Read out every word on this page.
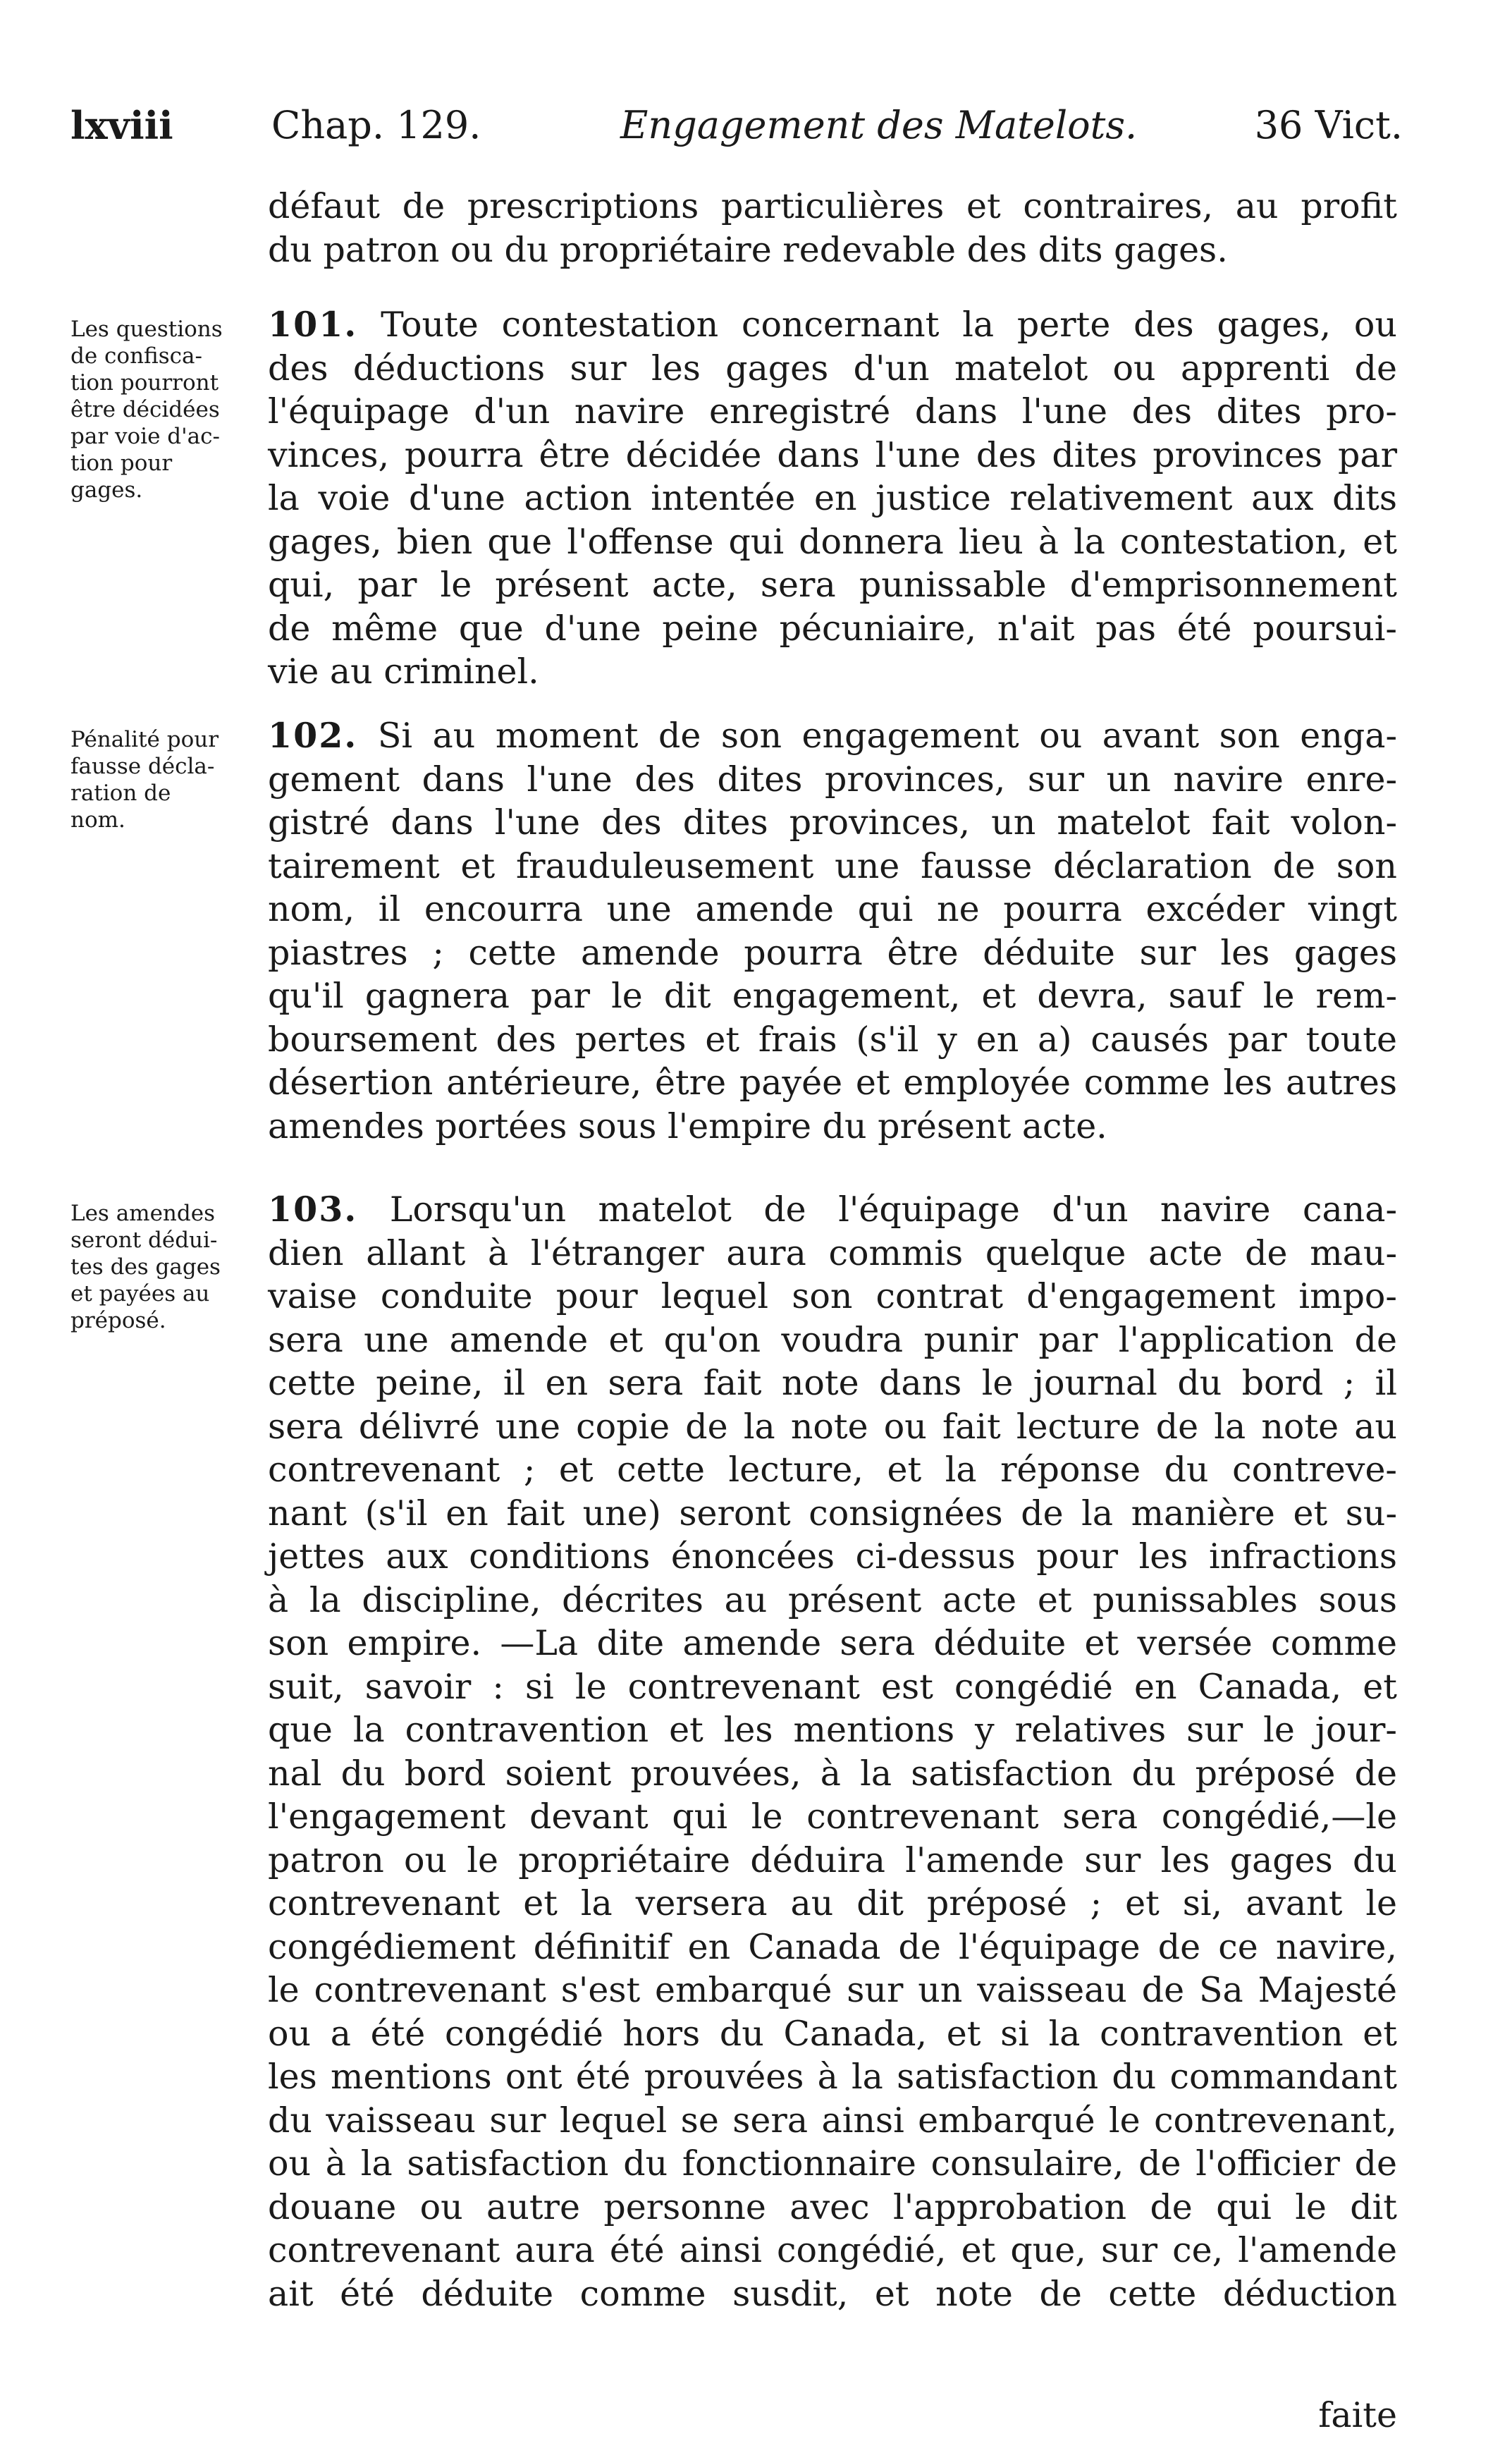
lxviii	Chap. 129.	Engagement des Matelots.	36 Vict.
défaut de prescriptions particulières et contraires, au profit
du patron ou du propriétaire redevable des dits gages.
Les questions
de confisca-
tion pourront
être décidées
par voie d'ac-
tion pour
gages.
101. Toute contestation concernant la perte des gages, ou
des déductions sur les gages d'un matelot ou apprenti de
l'équipage d'un navire enregistré dans l'une des dites pro-
vinces, pourra être décidée dans l'une des dites provinces par
la voie d'une action intentée en justice relativement aux dits
gages, bien que l'offense qui donnera lieu à la contestation, et
qui, par le présent acte, sera punissable d'emprisonnement
de même que d'une peine pécuniaire, n'ait pas été poursui-
vie au criminel.
Pénalité pour
fausse décla-
ration de
nom.
102. Si au moment de son engagement ou avant son enga-
gement dans l'une des dites provinces, sur un navire enre-
gistré dans l'une des dites provinces, un matelot fait volon-
tairement et frauduleusement une fausse déclaration de son
nom, il encourra une amende qui ne pourra excéder vingt
piastres ; cette amende pourra être déduite sur les gages
qu'il gagnera par le dit engagement, et devra, sauf le rem-
boursement des pertes et frais (s'il y en a) causés par toute
désertion antérieure, être payée et employée comme les autres
amendes portées sous l'empire du présent acte.
Les amendes
seront dédui-
tes des gages
et payées au
préposé.
103. Lorsqu'un matelot de l'équipage d'un navire cana-
dien allant à l'étranger aura commis quelque acte de mau-
vaise conduite pour lequel son contrat d'engagement impo-
sera une amende et qu'on voudra punir par l'application de
cette peine, il en sera fait note dans le journal du bord ; il
sera délivré une copie de la note ou fait lecture de la note au
contrevenant ; et cette lecture, et la réponse du contreve-
nant (s'il en fait une) seront consignées de la manière et su-
jettes aux conditions énoncées ci-dessus pour les infractions
à la discipline, décrites au présent acte et punissables sous
son empire. —La dite amende sera déduite et versée comme
suit, savoir : si le contrevenant est congédié en Canada, et
que la contravention et les mentions y relatives sur le jour-
nal du bord soient prouvées, à la satisfaction du préposé de
l'engagement devant qui le contrevenant sera congédié,—le
patron ou le propriétaire déduira l'amende sur les gages du
contrevenant et la versera au dit préposé ; et si, avant le
congédiement définitif en Canada de l'équipage de ce navire,
le contrevenant s'est embarqué sur un vaisseau de Sa Majesté
ou a été congédié hors du Canada, et si la contravention et
les mentions ont été prouvées à la satisfaction du commandant
du vaisseau sur lequel se sera ainsi embarqué le contrevenant,
ou à la satisfaction du fonctionnaire consulaire, de l'officier de
douane ou autre personne avec l'approbation de qui le dit
contrevenant aura été ainsi congédié, et que, sur ce, l'amende
ait été déduite comme susdit, et note de cette déduction
faite
